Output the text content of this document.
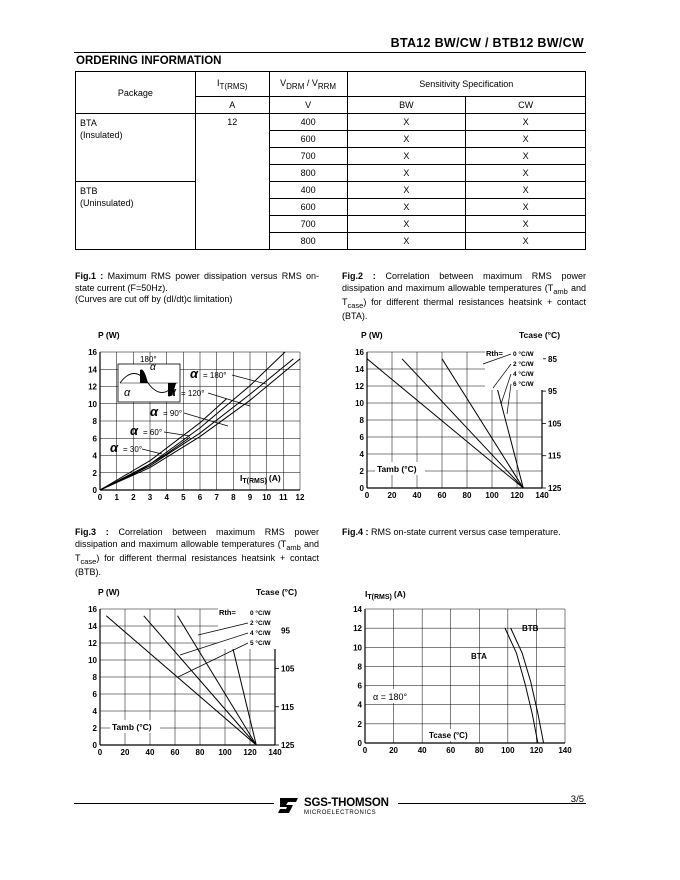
BTA12 BW/CW / BTB12 BW/CW
ORDERING INFORMATION
Package	$I_{T(RMS)}$	$V_{DRM} / V_{RRM}$	Sensitivity Specification	
	A	V	BW	CW

BTA
(Insulated)	12	400	X	X
		600	X	X
		700	X	X
		800	X	X

BTB
(Uninsulated)		400	X	X
		600	X	X
		700	X	X
		800	X	X
Fig.1 : Maximum RMS power dissipation versus RMS on-state current (F=50Hz).
(Curves are cut off by (dI/dt)c limitation)
Fig.2 : Correlation between maximum RMS power dissipation and maximum allowable temperatures ($T_{amb}$ and $T_{case}$) for different thermal resistances heatsink + contact (BTA).
Fig.3 : Correlation between maximum RMS power dissipation and maximum allowable temperatures ($T_{amb}$ and $T_{case}$) for different thermal resistances heatsink + contact (BTB).
Fig.4 : RMS on-state current versus case temperature.
0 1 2 3 4 5 6 7 8 9 10 11 12
0
2
4
6
8
10
12
14
16
P (W)
$I_{T(RMS)}$ (A)
180°
α
α
α = 180°
α = 120°
α = 90°
α = 60°
α = 30°
0 20 40 60 80 100 120 140
0
2
4
6
8
10
12
14
16
85
95
105
115
125
P (W)	Tcase (°C)
Tamb (°C)
Rth= 0 °C/W
2 °C/W
4 °C/W
6 °C/W
0 20 40 60 80 100 120 140
0
2
4
6
8
10
12
14
16
95
105
115
125
P (W)	Tcase (°C)
Tamb (°C)
Rth= 0 °C/W
2 °C/W
4 °C/W
5 °C/W
0	20 40 60 80 100 120 140
0
2
4
6
8
10
12
14
$I_{T(RMS)}$ (A)
Tcase (°C)
α = 180°
BTB
BTA
3/5
SGS-THOMSON
MICROELECTRONICS
